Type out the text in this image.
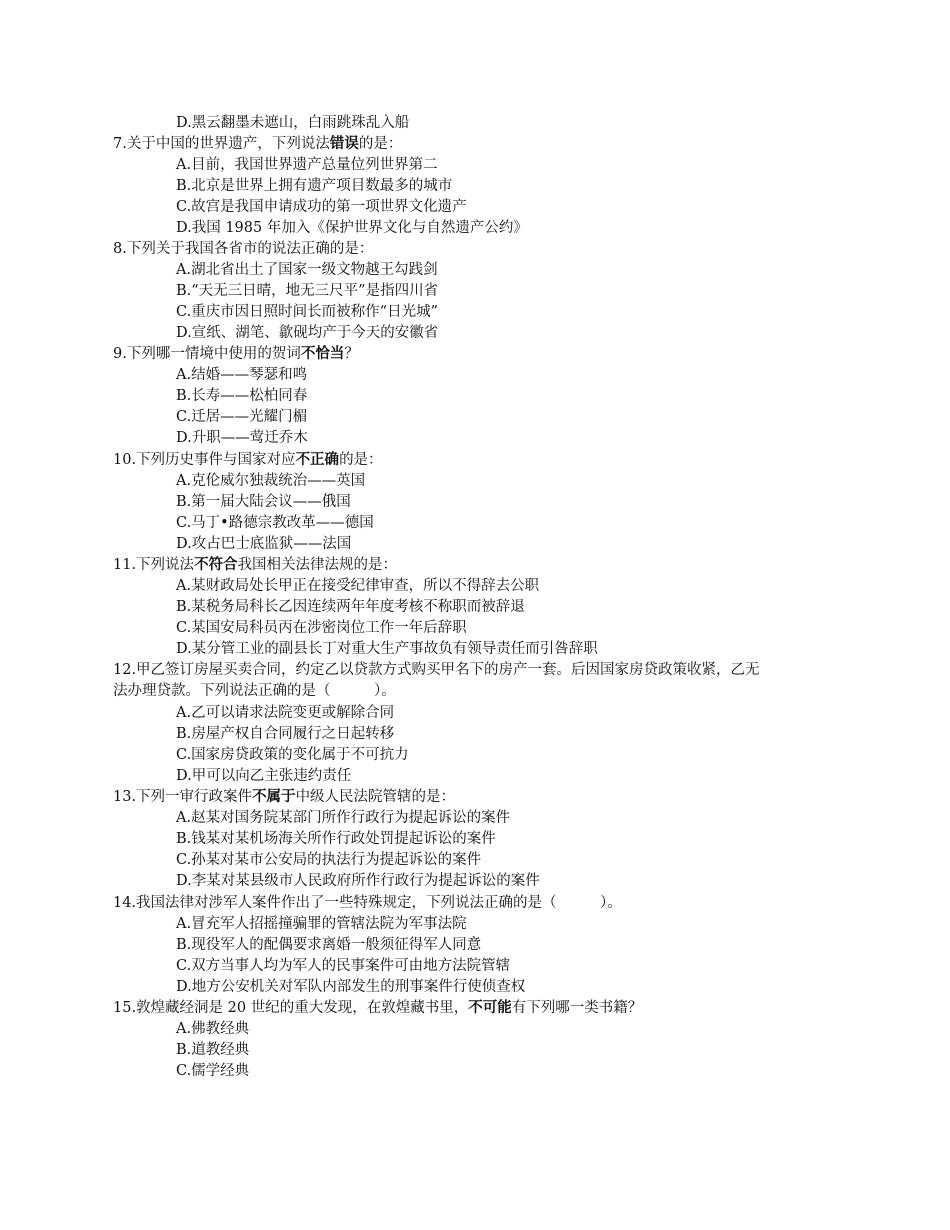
D.黑云翻墨未遮山，白雨跳珠乱入船
7.关于中国的世界遗产，下列说法错误的是：
A.目前，我国世界遗产总量位列世界第二
B.北京是世界上拥有遗产项目数最多的城市
C.故宫是我国申请成功的第一项世界文化遗产
D.我国 1985 年加入《保护世界文化与自然遗产公约》
8.下列关于我国各省市的说法正确的是：
A.湖北省出土了国家一级文物越王勾践剑
B.“天无三日晴，地无三尺平”是指四川省
C.重庆市因日照时间长而被称作“日光城”
D.宣纸、湖笔、歙砚均产于今天的安徽省
9.下列哪一情境中使用的贺词不恰当？
A.结婚——琴瑟和鸣
B.长寿——松柏同春
C.迁居——光耀门楣
D.升职——莺迁乔木
10.下列历史事件与国家对应不正确的是：
A.克伦威尔独裁统治——英国
B.第一届大陆会议——俄国
C.马丁•路德宗教改革——德国
D.攻占巴士底监狱——法国
11.下列说法不符合我国相关法律法规的是：
A.某财政局处长甲正在接受纪律审查，所以不得辞去公职
B.某税务局科长乙因连续两年年度考核不称职而被辞退
C.某国安局科员丙在涉密岗位工作一年后辞职
D.某分管工业的副县长丁对重大生产事故负有领导责任而引咎辞职
12.甲乙签订房屋买卖合同，约定乙以贷款方式购买甲名下的房产一套。后因国家房贷政策收紧，乙无
法办理贷款。下列说法正确的是（　　　）。
A.乙可以请求法院变更或解除合同
B.房屋产权自合同履行之日起转移
C.国家房贷政策的变化属于不可抗力
D.甲可以向乙主张违约责任
13.下列一审行政案件不属于中级人民法院管辖的是：
A.赵某对国务院某部门所作行政行为提起诉讼的案件
B.钱某对某机场海关所作行政处罚提起诉讼的案件
C.孙某对某市公安局的执法行为提起诉讼的案件
D.李某对某县级市人民政府所作行政行为提起诉讼的案件
14.我国法律对涉军人案件作出了一些特殊规定，下列说法正确的是（　　　）。
A.冒充军人招摇撞骗罪的管辖法院为军事法院
B.现役军人的配偶要求离婚一般须征得军人同意
C.双方当事人均为军人的民事案件可由地方法院管辖
D.地方公安机关对军队内部发生的刑事案件行使侦查权
15.敦煌藏经洞是 20 世纪的重大发现，在敦煌藏书里，不可能有下列哪一类书籍？
A.佛教经典
B.道教经典
C.儒学经典
